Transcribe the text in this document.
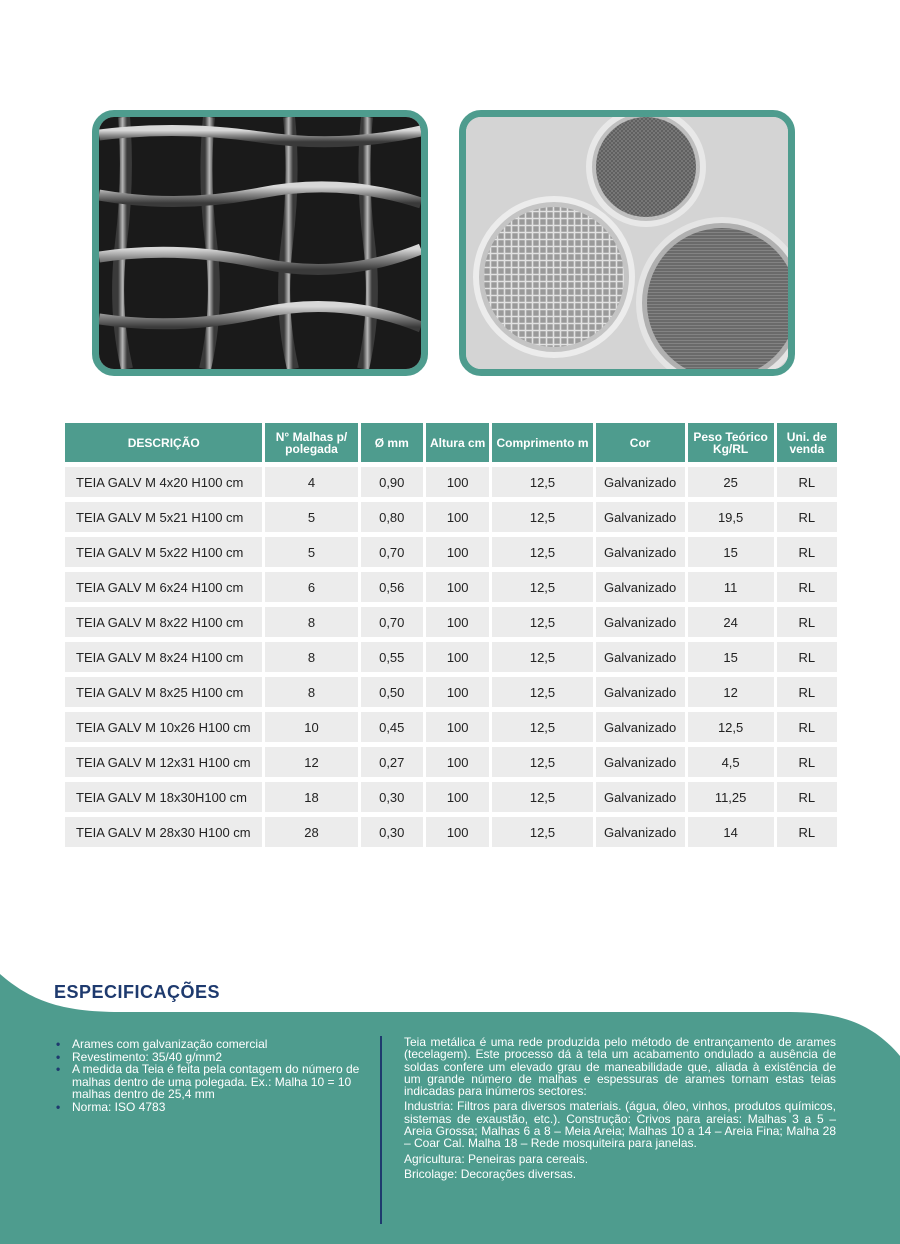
DESCRIÇÃO	N° Malhas p/ polegada	Ø mm	Altura cm	Comprimento m	Cor	Peso Teórico Kg/RL	Uni. de venda
TEIA GALV M 4x20 H100 cm	4	0,90	100	12,5	Galvanizado	25	RL
TEIA GALV M 5x21 H100 cm	5	0,80	100	12,5	Galvanizado	19,5	RL
TEIA GALV M 5x22 H100 cm	5	0,70	100	12,5	Galvanizado	15	RL
TEIA GALV M 6x24 H100 cm	6	0,56	100	12,5	Galvanizado	11	RL
TEIA GALV M 8x22 H100 cm	8	0,70	100	12,5	Galvanizado	24	RL
TEIA GALV M 8x24 H100 cm	8	0,55	100	12,5	Galvanizado	15	RL
TEIA GALV M 8x25 H100 cm	8	0,50	100	12,5	Galvanizado	12	RL
TEIA GALV M 10x26 H100 cm	10	0,45	100	12,5	Galvanizado	12,5	RL
TEIA GALV M 12x31 H100 cm	12	0,27	100	12,5	Galvanizado	4,5	RL
TEIA GALV M 18x30H100 cm	18	0,30	100	12,5	Galvanizado	11,25	RL
TEIA GALV M 28x30 H100 cm	28	0,30	100	12,5	Galvanizado	14	RL
ESPECIFICAÇÕES
• Arames com galvanização comercial
• Revestimento: 35/40 g/mm2
• A medida da Teia é feita pela contagem do número de malhas dentro de uma polegada. Ex.: Malha 10 = 10 malhas dentro de 25,4 mm
• Norma: ISO 4783

Teia metálica é uma rede produzida pelo método de entrançamento de arames (tecelagem). Este processo dá à tela um acabamento ondulado a ausência de soldas confere um elevado grau de maneabilidade que, aliada à existência de um grande número de malhas e espessuras de arames tornam estas teias indicadas para inúmeros sectores:

Industria: Filtros para diversos materiais. (água, óleo, vinhos, produtos químicos, sistemas de exaustão, etc.). Construção: Crivos para areias: Malhas 3 a 5 – Areia Grossa; Malhas 6 a 8 – Meia Areia; Malhas 10 a 14 – Areia Fina; Malha 28 – Coar Cal. Malha 18 – Rede mosquiteira para janelas.

Agricultura: Peneiras para cereais.

Bricolage: Decorações diversas.
